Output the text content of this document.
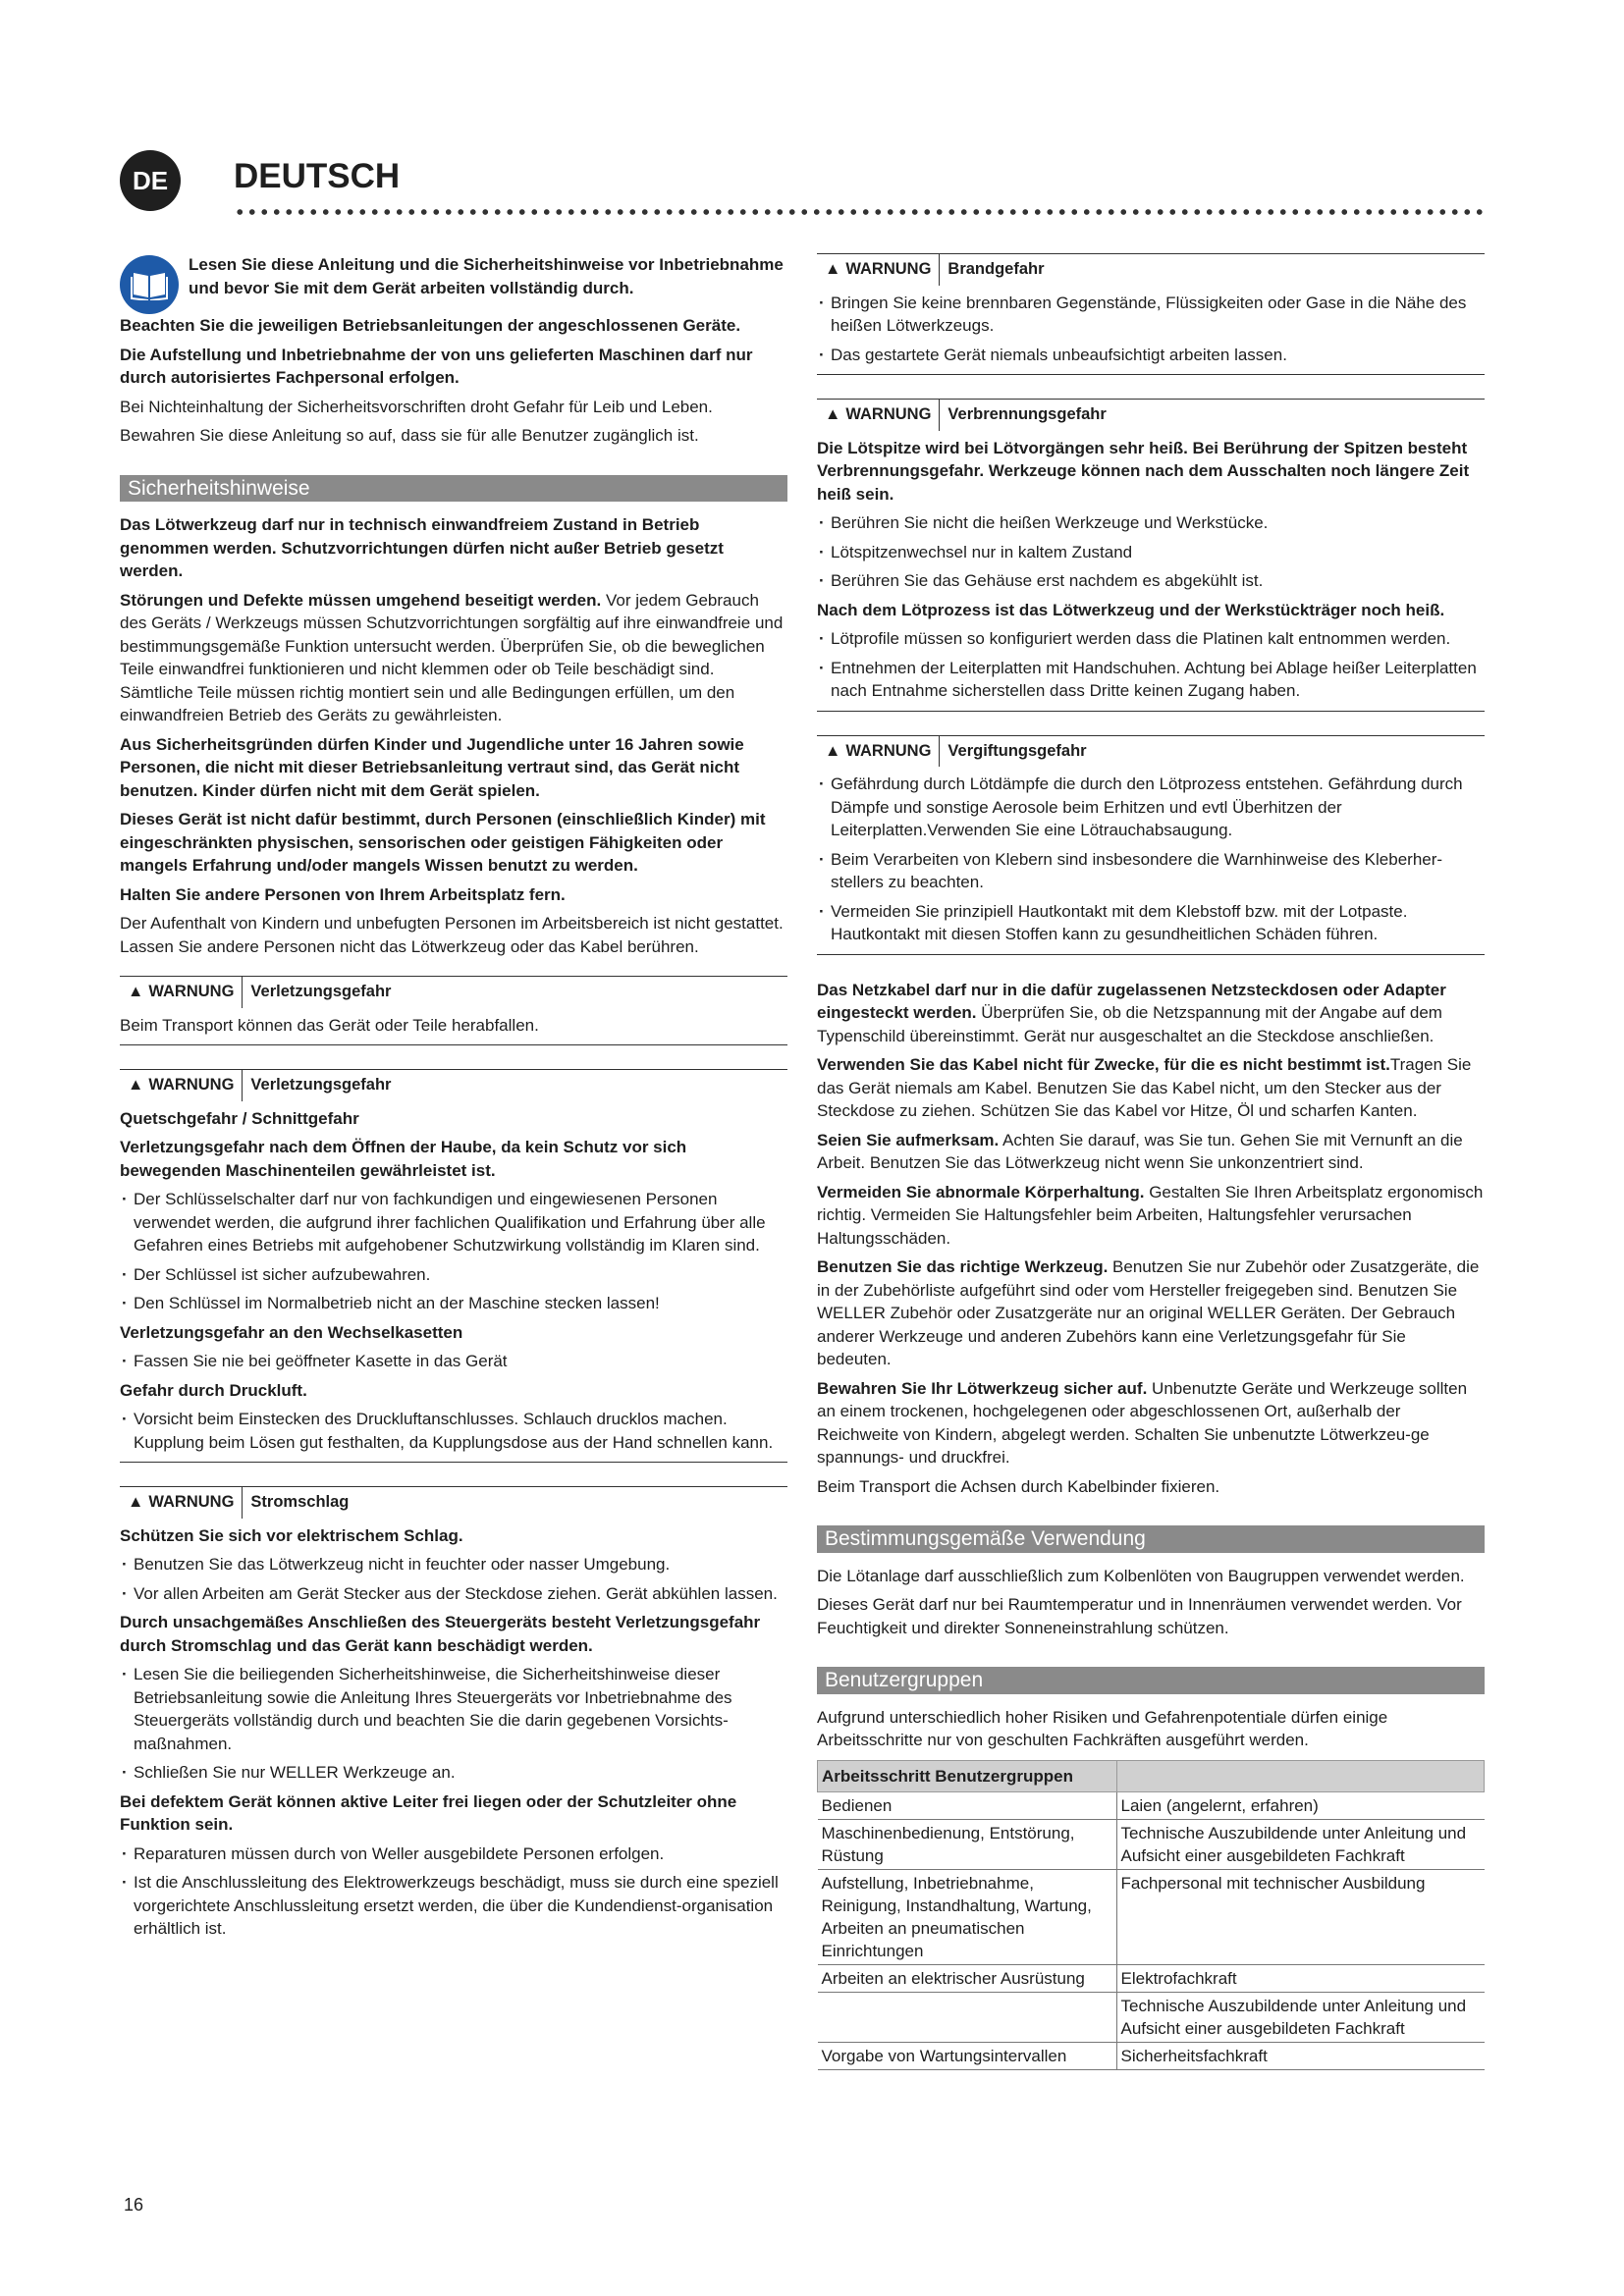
DE	DEUTSCH

Lesen Sie diese Anleitung und die Sicherheitshinweise vor Inbetriebnahme und bevor Sie mit dem Gerät arbeiten vollständig durch.

Beachten Sie die jeweiligen Betriebsanleitungen der angeschlossenen Geräte.

Die Aufstellung und Inbetriebnahme der von uns gelieferten Maschinen darf nur durch autorisiertes Fachpersonal erfolgen.

Bei Nichteinhaltung der Sicherheitsvorschriften droht Gefahr für Leib und Leben.

Bewahren Sie diese Anleitung so auf, dass sie für alle Benutzer zugänglich ist.

Sicherheitshinweise

Das Lötwerkzeug darf nur in technisch einwandfreiem Zustand in Betrieb genommen werden. Schutzvorrichtungen dürfen nicht außer Betrieb gesetzt werden.

Störungen und Defekte müssen umgehend beseitigt werden. Vor jedem Gebrauch des Geräts / Werkzeugs müssen Schutzvorrichtungen sorgfältig auf ihre einwandfreie und bestimmungsgemäße Funktion untersucht werden. Überprüfen Sie, ob die beweglichen Teile einwandfrei funktionieren und nicht klemmen oder ob Teile beschädigt sind. Sämtliche Teile müssen richtig montiert sein und alle Bedingungen erfüllen, um den einwandfreien Betrieb des Geräts zu gewährleisten.

Aus Sicherheitsgründen dürfen Kinder und Jugendliche unter 16 Jahren sowie Personen, die nicht mit dieser Betriebsanleitung vertraut sind, das Gerät nicht benutzen. Kinder dürfen nicht mit dem Gerät spielen.

Dieses Gerät ist nicht dafür bestimmt, durch Personen (einschließlich Kinder) mit eingeschränkten physischen, sensorischen oder geistigen Fähigkeiten oder mangels Erfahrung und/oder mangels Wissen benutzt zu werden.

Halten Sie andere Personen von Ihrem Arbeitsplatz fern.

Der Aufenthalt von Kindern und unbefugten Personen im Arbeitsbereich ist nicht gestattet. Lassen Sie andere Personen nicht das Lötwerkzeug oder das Kabel berühren.

▲ WARNUNG	Verletzungsgefahr

Beim Transport können das Gerät oder Teile herabfallen.

▲ WARNUNG	Verletzungsgefahr

Quetschgefahr / Schnittgefahr

Verletzungsgefahr nach dem Öffnen der Haube, da kein Schutz vor sich bewegenden Maschinenteilen gewährleistet ist.

· Der Schlüsselschalter darf nur von fachkundigen und eingewiesenen Personen verwendet werden, die aufgrund ihrer fachlichen Qualifikation und Erfahrung über alle Gefahren eines Betriebs mit aufgehobener Schutzwirkung vollständig im Klaren sind.
· Der Schlüssel ist sicher aufzubewahren.
· Den Schlüssel im Normalbetrieb nicht an der Maschine stecken lassen!

Verletzungsgefahr an den Wechselkasetten

· Fassen Sie nie bei geöffneter Kasette in das Gerät

Gefahr durch Druckluft.

· Vorsicht beim Einstecken des Druckluftanschlusses. Schlauch drucklos machen. Kupplung beim Lösen gut festhalten, da Kupplungsdose aus der Hand schnellen kann.
▲ WARNUNG	Stromschlag

Schützen Sie sich vor elektrischem Schlag.

· Benutzen Sie das Lötwerkzeug nicht in feuchter oder nasser Umgebung.
· Vor allen Arbeiten am Gerät Stecker aus der Steckdose ziehen. Gerät abkühlen lassen.

Durch unsachgemäßes Anschließen des Steuergeräts besteht Verletzungsgefahr durch Stromschlag und das Gerät kann beschädigt werden.

· Lesen Sie die beiliegenden Sicherheitshinweise, die Sicherheitshinweise dieser Betriebsanleitung sowie die Anleitung Ihres Steuergeräts vor Inbetriebnahme des Steuergeräts vollständig durch und beachten Sie die darin gegebenen Vorsichts-maßnahmen.
· Schließen Sie nur WELLER Werkzeuge an.

Bei defektem Gerät können aktive Leiter frei liegen oder der Schutzleiter ohne Funktion sein.

· Reparaturen müssen durch von Weller ausgebildete Personen erfolgen.
· Ist die Anschlussleitung des Elektrowerkzeugs beschädigt, muss sie durch eine speziell vorgerichtete Anschlussleitung ersetzt werden, die über die Kundendienst-organisation erhältlich ist.
▲ WARNUNG	Brandgefahr
· Bringen Sie keine brennbaren Gegenstände, Flüssigkeiten oder Gase in die Nähe des heißen Lötwerkzeugs.
· Das gestartete Gerät niemals unbeaufsichtigt arbeiten lassen.
▲ WARNUNG	Verbrennungsgefahr

Die Lötspitze wird bei Lötvorgängen sehr heiß. Bei Berührung der Spitzen besteht Verbrennungsgefahr. Werkzeuge können nach dem Ausschalten noch längere Zeit heiß sein.

· Berühren Sie nicht die heißen Werkzeuge und Werkstücke.
· Lötspitzenwechsel nur in kaltem Zustand
· Berühren Sie das Gehäuse erst nachdem es abgekühlt ist.

Nach dem Lötprozess ist das Lötwerkzeug und der Werkstückträger noch heiß.

· Lötprofile müssen so konfiguriert werden dass die Platinen kalt entnommen werden.
· Entnehmen der Leiterplatten mit Handschuhen. Achtung bei Ablage heißer Leiterplatten nach Entnahme sicherstellen dass Dritte keinen Zugang haben.
▲ WARNUNG	Vergiftungsgefahr
· Gefährdung durch Lötdämpfe die durch den Lötprozess entstehen. Gefährdung durch Dämpfe und sonstige Aerosole beim Erhitzen und evtl Überhitzen der Leiterplatten.Verwenden Sie eine Lötrauchabsaugung.
· Beim Verarbeiten von Klebern sind insbesondere die Warnhinweise des Kleberher-stellers zu beachten.
· Vermeiden Sie prinzipiell Hautkontakt mit dem Klebstoff bzw. mit der Lotpaste. Hautkontakt mit diesen Stoffen kann zu gesundheitlichen Schäden führen.

Das Netzkabel darf nur in die dafür zugelassenen Netzsteckdosen oder Adapter eingesteckt werden. Überprüfen Sie, ob die Netzspannung mit der Angabe auf dem Typenschild übereinstimmt. Gerät nur ausgeschaltet an die Steckdose anschließen.

Verwenden Sie das Kabel nicht für Zwecke, für die es nicht bestimmt ist.Tragen Sie das Gerät niemals am Kabel. Benutzen Sie das Kabel nicht, um den Stecker aus der Steckdose zu ziehen. Schützen Sie das Kabel vor Hitze, Öl und scharfen Kanten.

Seien Sie aufmerksam. Achten Sie darauf, was Sie tun. Gehen Sie mit Vernunft an die Arbeit. Benutzen Sie das Lötwerkzeug nicht wenn Sie unkonzentriert sind.

Vermeiden Sie abnormale Körperhaltung. Gestalten Sie Ihren Arbeitsplatz ergonomisch richtig. Vermeiden Sie Haltungsfehler beim Arbeiten, Haltungsfehler verursachen Haltungsschäden.

Benutzen Sie das richtige Werkzeug. Benutzen Sie nur Zubehör oder Zusatzgeräte, die in der Zubehörliste aufgeführt sind oder vom Hersteller freigegeben sind. Benutzen Sie WELLER Zubehör oder Zusatzgeräte nur an original WELLER Geräten. Der Gebrauch anderer Werkzeuge und anderen Zubehörs kann eine Verletzungsgefahr für Sie bedeuten.

Bewahren Sie Ihr Lötwerkzeug sicher auf. Unbenutzte Geräte und Werkzeuge sollten an einem trockenen, hochgelegenen oder abgeschlossenen Ort, außerhalb der Reichweite von Kindern, abgelegt werden. Schalten Sie unbenutzte Lötwerkzeu-ge spannungs- und druckfrei.

Beim Transport die Achsen durch Kabelbinder fixieren.

Bestimmungsgemäße Verwendung

Die Lötanlage darf ausschließlich zum Kolbenlöten von Baugruppen verwendet werden.

Dieses Gerät darf nur bei Raumtemperatur und in Innenräumen verwendet werden. Vor Feuchtigkeit und direkter Sonneneinstrahlung schützen.

Benutzergruppen

Aufgrund unterschiedlich hoher Risiken und Gefahrenpotentiale dürfen einige Arbeitsschritte nur von geschulten Fachkräften ausgeführt werden.

Arbeitsschritt Benutzergruppen	
Bedienen	Laien (angelernt, erfahren)
Maschinenbedienung, Entstörung, Rüstung	Technische Auszubildende unter Anleitung und Aufsicht einer ausgebildeten Fachkraft
Aufstellung, Inbetriebnahme, Reinigung, Instandhaltung, Wartung, Arbeiten an pneumatischen Einrichtungen	Fachpersonal mit technischer Ausbildung
Arbeiten an elektrischer Ausrüstung	Elektrofachkraft
	Technische Auszubildende unter Anleitung und Aufsicht einer ausgebildeten Fachkraft
Vorgabe von Wartungsintervallen	Sicherheitsfachkraft
16
